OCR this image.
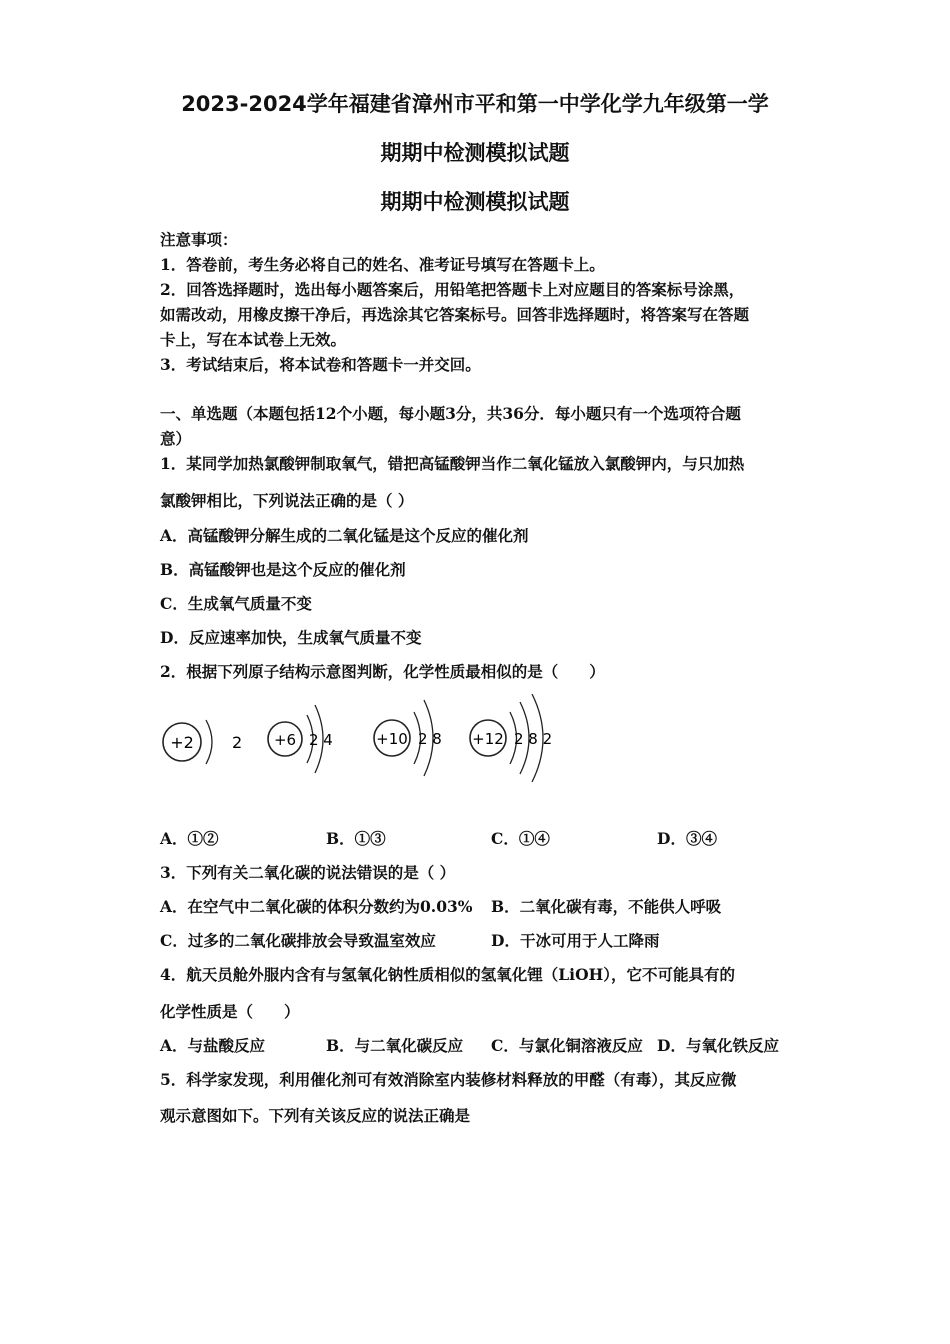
2023-2024学年福建省漳州市平和第一中学化学九年级第一学
期期中检测模拟试题
期期中检测模拟试题
注意事项：
1．答卷前，考生务必将自己的姓名、准考证号填写在答题卡上。
2．回答选择题时，选出每小题答案后，用铅笔把答题卡上对应题目的答案标号涂黑，
如需改动，用橡皮擦干净后，再选涂其它答案标号。回答非选择题时，将答案写在答题
卡上，写在本试卷上无效。
3．考试结束后，将本试卷和答题卡一并交回。
一、单选题（本题包括12个小题，每小题3分，共36分．每小题只有一个选项符合题
意）
1．某同学加热氯酸钾制取氧气，错把高锰酸钾当作二氧化锰放入氯酸钾内，与只加热
氯酸钾相比，下列说法正确的是（ ）
A．高锰酸钾分解生成的二氧化锰是这个反应的催化剂
B．高锰酸钾也是这个反应的催化剂
C．生成氧气质量不变
D．反应速率加快，生成氧气质量不变
2．根据下列原子结构示意图判断，化学性质最相似的是（　　）
+2 2 +6 2 4	+10 2 8 +12 2 8 2
A．①②	B．①③	C．①④	D．③④
3．下列有关二氧化碳的说法错误的是（ ）
A．在空气中二氧化碳的体积分数约为0.03% B．二氧化碳有毒，不能供人呼吸
C．过多的二氧化碳排放会导致温室效应	D．干冰可用于人工降雨
4．航天员舱外服内含有与氢氧化钠性质相似的氢氧化锂（LiOH），它不可能具有的
化学性质是（　　）
A．与盐酸反应	B．与二氧化碳反应 C．与氯化铜溶液反应 D．与氧化铁反应
5．科学家发现，利用催化剂可有效消除室内装修材料释放的甲醛（有毒），其反应微
观示意图如下。下列有关该反应的说法正确是
